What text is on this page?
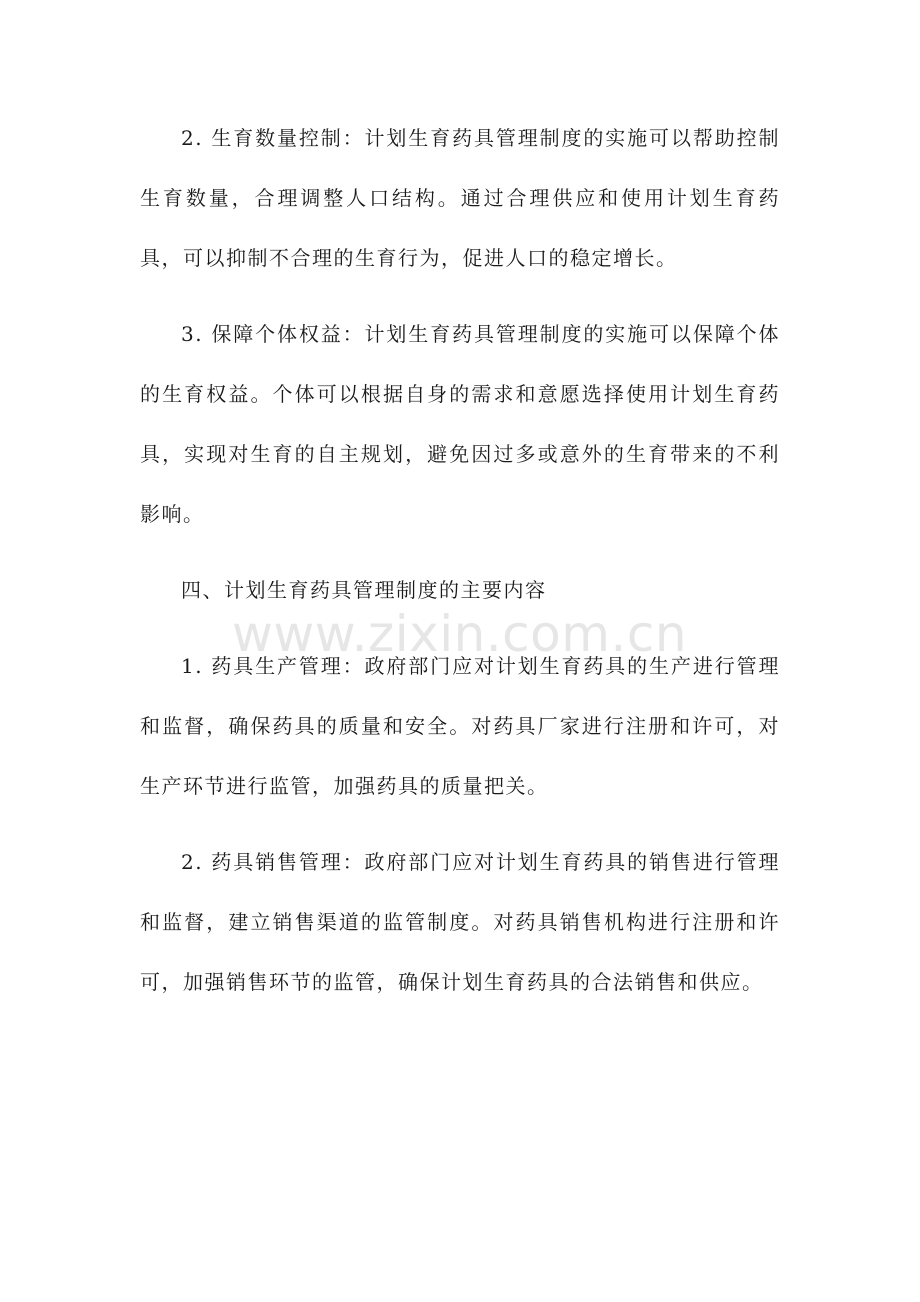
2. 生育数量控制：计划生育药具管理制度的实施可以帮助控制生育数量，合理调整人口结构。通过合理供应和使用计划生育药具，可以抑制不合理的生育行为，促进人口的稳定增长。

3. 保障个体权益：计划生育药具管理制度的实施可以保障个体的生育权益。个体可以根据自身的需求和意愿选择使用计划生育药具，实现对生育的自主规划，避免因过多或意外的生育带来的不利影响。

四、计划生育药具管理制度的主要内容

1. 药具生产管理：政府部门应对计划生育药具的生产进行管理和监督，确保药具的质量和安全。对药具厂家进行注册和许可，对生产环节进行监管，加强药具的质量把关。

2. 药具销售管理：政府部门应对计划生育药具的销售进行管理和监督，建立销售渠道的监管制度。对药具销售机构进行注册和许可，加强销售环节的监管，确保计划生育药具的合法销售和供应。

www.zixin.com.cn
